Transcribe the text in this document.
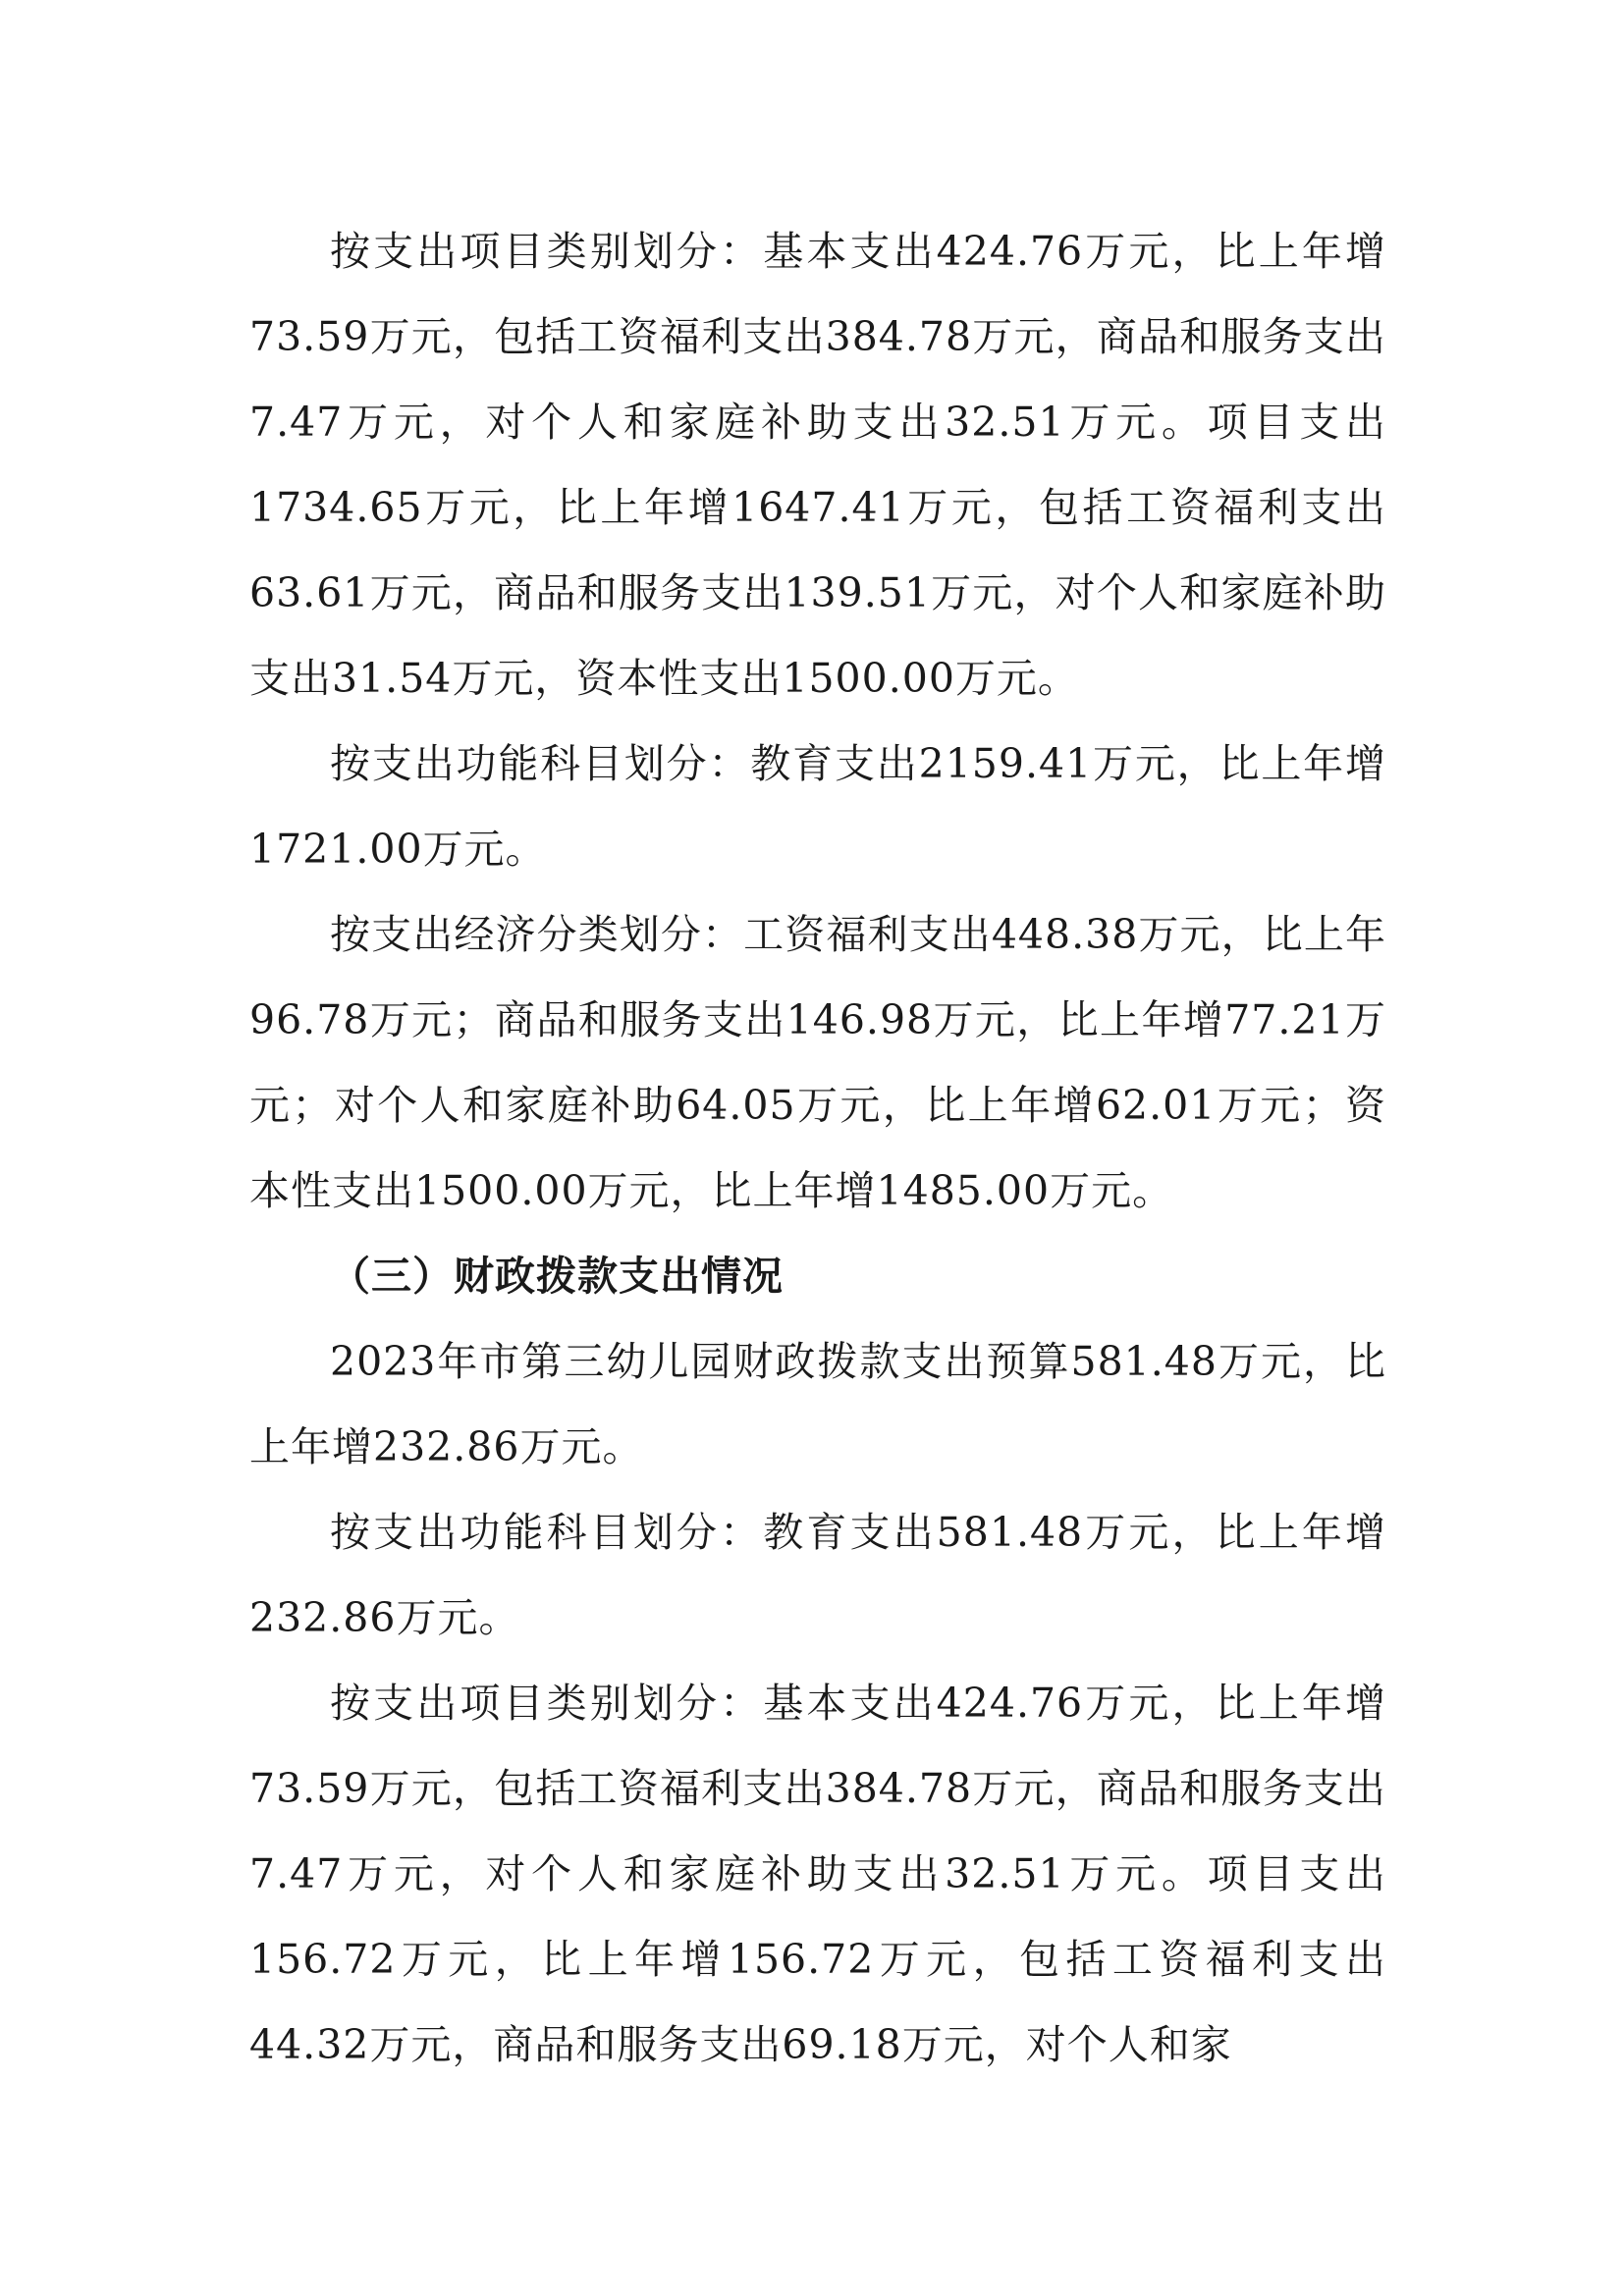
按支出项目类别划分：基本支出424.76万元，比上年增73.59万元，包括工资福利支出384.78万元，商品和服务支出7.47万元，对个人和家庭补助支出32.51万元。项目支出1734.65万元，比上年增1647.41万元，包括工资福利支出63.61万元，商品和服务支出139.51万元，对个人和家庭补助支出31.54万元，资本性支出1500.00万元。

按支出功能科目划分：教育支出2159.41万元，比上年增1721.00万元。

按支出经济分类划分：工资福利支出448.38万元，比上年96.78万元；商品和服务支出146.98万元，比上年增77.21万元；对个人和家庭补助64.05万元，比上年增62.01万元；资本性支出1500.00万元，比上年增1485.00万元。

（三）财政拨款支出情况

2023年市第三幼儿园财政拨款支出预算581.48万元，比上年增232.86万元。

按支出功能科目划分：教育支出581.48万元，比上年增232.86万元。

按支出项目类别划分：基本支出424.76万元，比上年增73.59万元，包括工资福利支出384.78万元，商品和服务支出7.47万元，对个人和家庭补助支出32.51万元。项目支出156.72万元，比上年增156.72万元，包括工资福利支出44.32万元，商品和服务支出69.18万元，对个人和家
